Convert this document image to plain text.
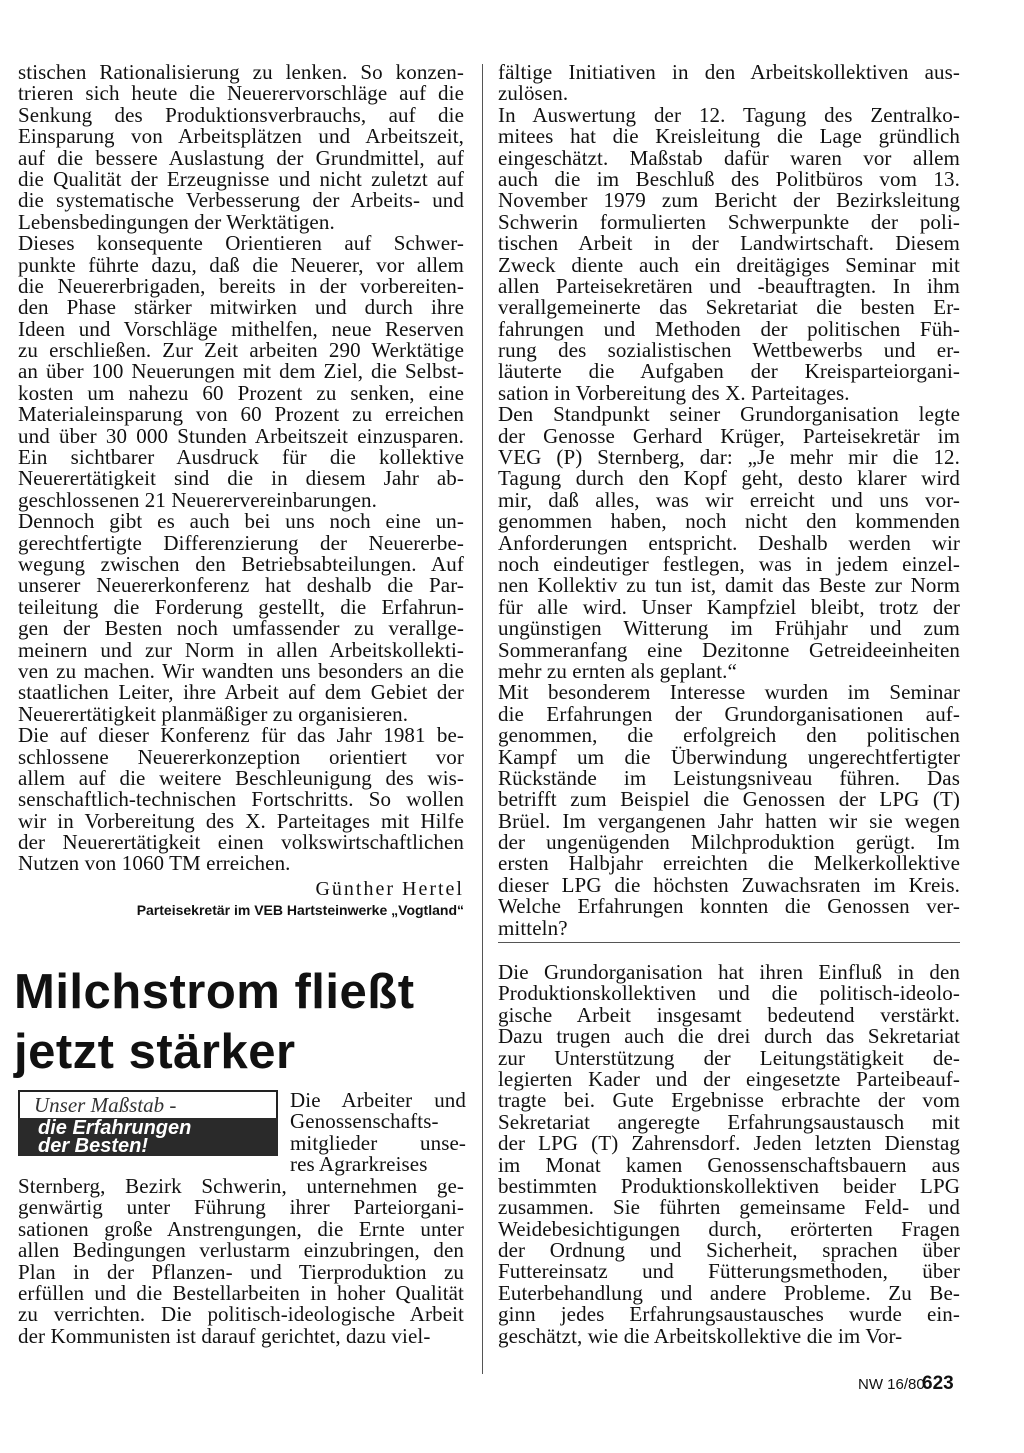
stischen Rationalisierung zu lenken. So konzen-
trieren sich heute die Neuerervorschläge auf die
Senkung des Produktionsverbrauchs, auf die
Einsparung von Arbeitsplätzen und Arbeitszeit,
auf die bessere Auslastung der Grundmittel, auf
die Qualität der Erzeugnisse und nicht zuletzt auf
die systematische Verbesserung der Arbeits- und
Lebensbedingungen der Werktätigen.
Dieses konsequente Orientieren auf Schwer-
punkte führte dazu, daß die Neuerer, vor allem
die Neuererbrigaden, bereits in der vorbereiten-
den Phase stärker mitwirken und durch ihre
Ideen und Vorschläge mithelfen, neue Reserven
zu erschließen. Zur Zeit arbeiten 290 Werktätige
an über 100 Neuerungen mit dem Ziel, die Selbst-
kosten um nahezu 60 Prozent zu senken, eine
Materialeinsparung von 60 Prozent zu erreichen
und über 30 000 Stunden Arbeitszeit einzusparen.
Ein sichtbarer Ausdruck für die kollektive
Neuerertätigkeit sind die in diesem Jahr ab-
geschlossenen 21 Neuerervereinbarungen.
Dennoch gibt es auch bei uns noch eine un-
gerechtfertigte Differenzierung der Neuererbe-
wegung zwischen den Betriebsabteilungen. Auf
unserer Neuererkonferenz hat deshalb die Par-
teileitung die Forderung gestellt, die Erfahrun-
gen der Besten noch umfassender zu verallge-
meinern und zur Norm in allen Arbeitskollekti-
ven zu machen. Wir wandten uns besonders an die
staatlichen Leiter, ihre Arbeit auf dem Gebiet der
Neuerertätigkeit planmäßiger zu organisieren.
Die auf dieser Konferenz für das Jahr 1981 be-
schlossene Neuererkonzeption orientiert vor
allem auf die weitere Beschleunigung des wis-
senschaftlich-technischen Fortschritts. So wollen
wir in Vorbereitung des X. Parteitages mit Hilfe
der Neuerertätigkeit einen volkswirtschaftlichen
Nutzen von 1060 TM erreichen.
Günther Hertel
Parteisekretär im VEB Hartsteinwerke „Vogtland“
Milchstrom fließt
jetzt stärker
Unser Maßstab -
die Erfahrungen
der Besten!
Die Arbeiter und
Genossenschafts-
mitglieder unse-
res Agrarkreises
Sternberg, Bezirk Schwerin, unternehmen ge-
genwärtig unter Führung ihrer Parteiorgani-
sationen große Anstrengungen, die Ernte unter
allen Bedingungen verlustarm einzubringen, den
Plan in der Pflanzen- und Tierproduktion zu
erfüllen und die Bestellarbeiten in hoher Qualität
zu verrichten. Die politisch-ideologische Arbeit
der Kommunisten ist darauf gerichtet, dazu viel-
fältige Initiativen in den Arbeitskollektiven aus-
zulösen.
In Auswertung der 12. Tagung des Zentralko-
mitees hat die Kreisleitung die Lage gründlich
eingeschätzt. Maßstab dafür waren vor allem
auch die im Beschluß des Politbüros vom 13.
November 1979 zum Bericht der Bezirksleitung
Schwerin formulierten Schwerpunkte der poli-
tischen Arbeit in der Landwirtschaft. Diesem
Zweck diente auch ein dreitägiges Seminar mit
allen Parteisekretären und -beauftragten. In ihm
verallgemeinerte das Sekretariat die besten Er-
fahrungen und Methoden der politischen Füh-
rung des sozialistischen Wettbewerbs und er-
läuterte die Aufgaben der Kreisparteiorgani-
sation in Vorbereitung des X. Parteitages.
Den Standpunkt seiner Grundorganisation legte
der Genosse Gerhard Krüger, Parteisekretär im
VEG (P) Sternberg, dar: „Je mehr mir die 12.
Tagung durch den Kopf geht, desto klarer wird
mir, daß alles, was wir erreicht und uns vor-
genommen haben, noch nicht den kommenden
Anforderungen entspricht. Deshalb werden wir
noch eindeutiger festlegen, was in jedem einzel-
nen Kollektiv zu tun ist, damit das Beste zur Norm
für alle wird. Unser Kampfziel bleibt, trotz der
ungünstigen Witterung im Frühjahr und zum
Sommeranfang eine Dezitonne Getreideeinheiten
mehr zu ernten als geplant.“
Mit besonderem Interesse wurden im Seminar
die Erfahrungen der Grundorganisationen auf-
genommen, die erfolgreich den politischen
Kampf um die Überwindung ungerechtfertigter
Rückstände im Leistungsniveau führen. Das
betrifft zum Beispiel die Genossen der LPG (T)
Brüel. Im vergangenen Jahr hatten wir sie wegen
der ungenügenden Milchproduktion gerügt. Im
ersten Halbjahr erreichten die Melkerkollektive
dieser LPG die höchsten Zuwachsraten im Kreis.
Welche Erfahrungen konnten die Genossen ver-
mitteln?
Die Grundorganisation hat ihren Einfluß in den
Produktionskollektiven und die politisch-ideolo-
gische Arbeit insgesamt bedeutend verstärkt.
Dazu trugen auch die drei durch das Sekretariat
zur Unterstützung der Leitungstätigkeit de-
legierten Kader und der eingesetzte Parteibeauf-
tragte bei. Gute Ergebnisse erbrachte der vom
Sekretariat angeregte Erfahrungsaustausch mit
der LPG (T) Zahrensdorf. Jeden letzten Dienstag
im Monat kamen Genossenschaftsbauern aus
bestimmten Produktionskollektiven beider LPG
zusammen. Sie führten gemeinsame Feld- und
Weidebesichtigungen durch, erörterten Fragen
der Ordnung und Sicherheit, sprachen über
Futtereinsatz und Fütterungsmethoden, über
Euterbehandlung und andere Probleme. Zu Be-
ginn jedes Erfahrungsaustausches wurde ein-
geschätzt, wie die Arbeitskollektive die im Vor-
NW 16/80
623
